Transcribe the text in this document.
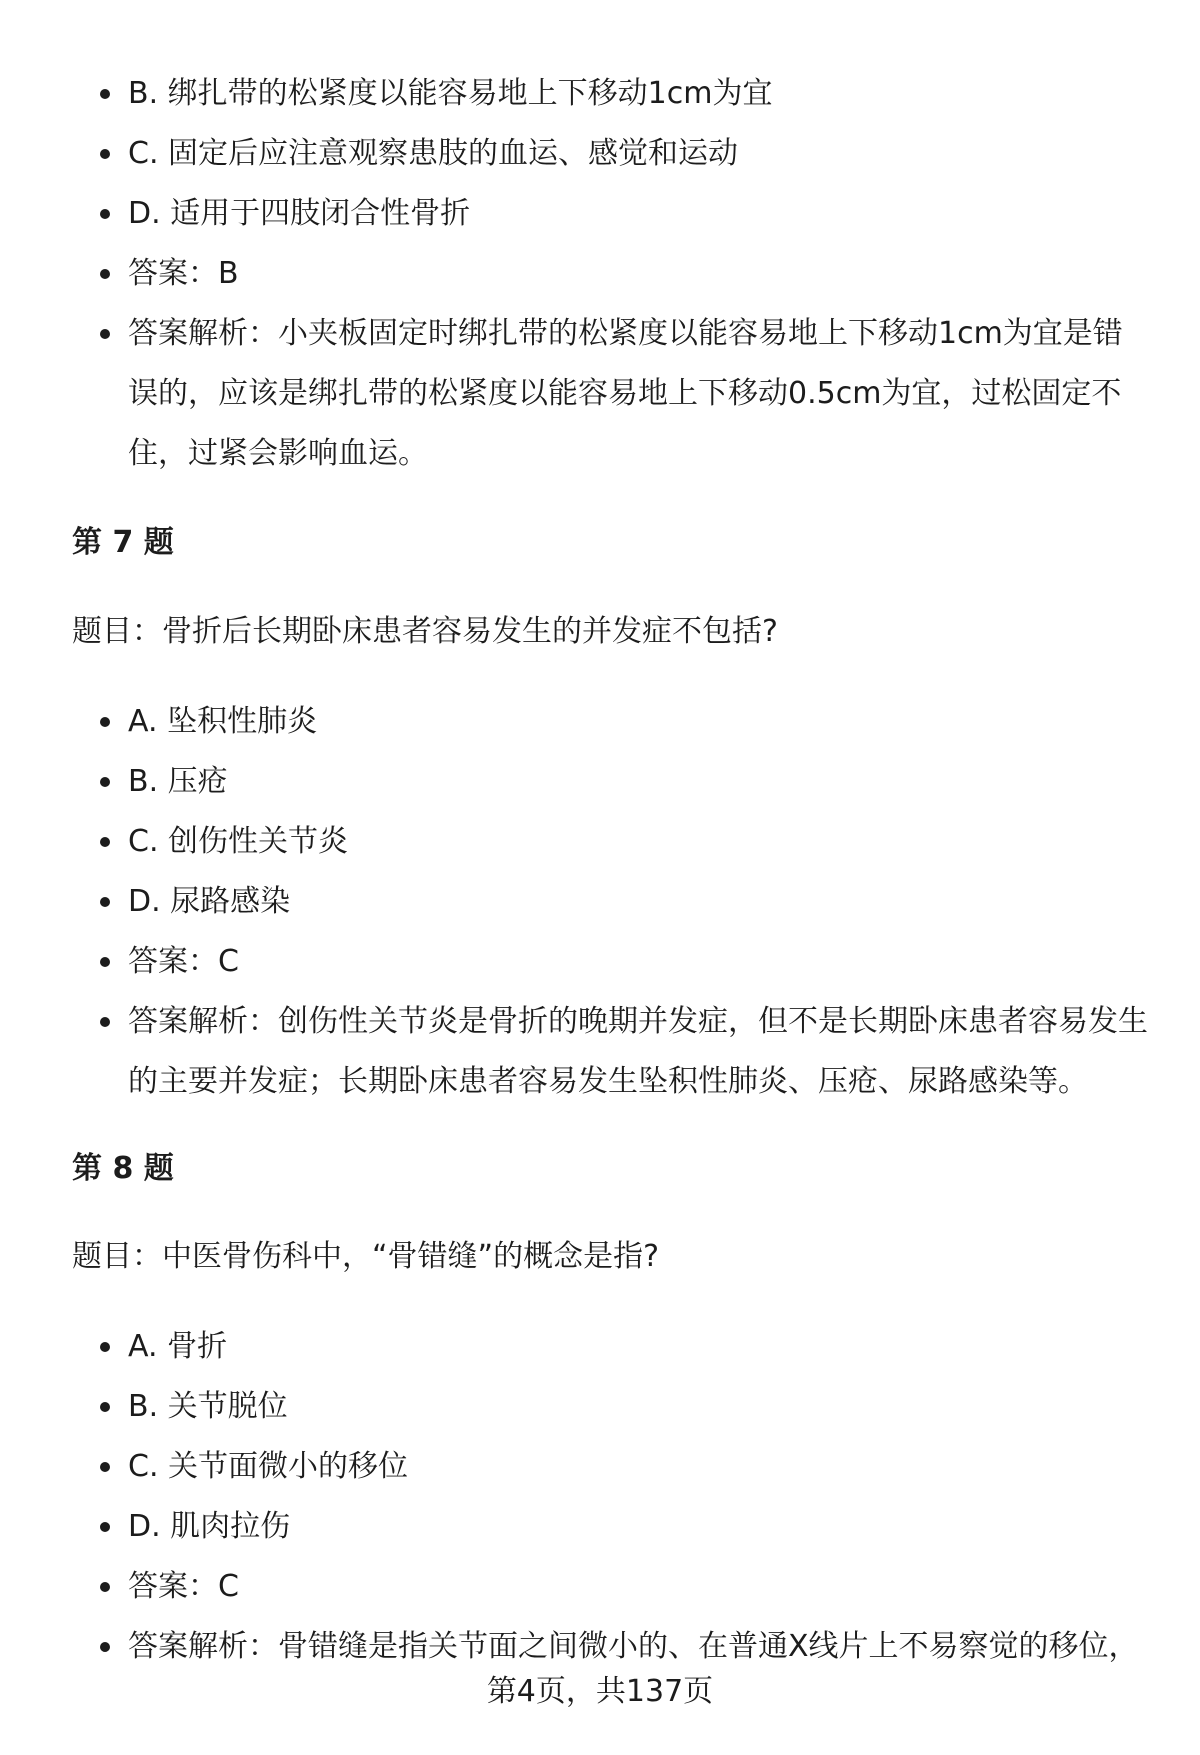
B. 绑扎带的松紧度以能容易地上下移动1cm为宜
C. 固定后应注意观察患肢的血运、感觉和运动
D. 适用于四肢闭合性骨折
答案：B
答案解析：小夹板固定时绑扎带的松紧度以能容易地上下移动1cm为宜是错误的，应该是绑扎带的松紧度以能容易地上下移动0.5cm为宜，过松固定不住，过紧会影响血运。
第 7 题
题目：骨折后长期卧床患者容易发生的并发症不包括?
A. 坠积性肺炎
B. 压疮
C. 创伤性关节炎
D. 尿路感染
答案：C
答案解析：创伤性关节炎是骨折的晚期并发症，但不是长期卧床患者容易发生的主要并发症；长期卧床患者容易发生坠积性肺炎、压疮、尿路感染等。
第 8 题
题目：中医骨伤科中，“骨错缝”的概念是指?
A. 骨折
B. 关节脱位
C. 关节面微小的移位
D. 肌肉拉伤
答案：C
答案解析：骨错缝是指关节面之间微小的、在普通X线片上不易察觉的移位，
第4页，共137页
